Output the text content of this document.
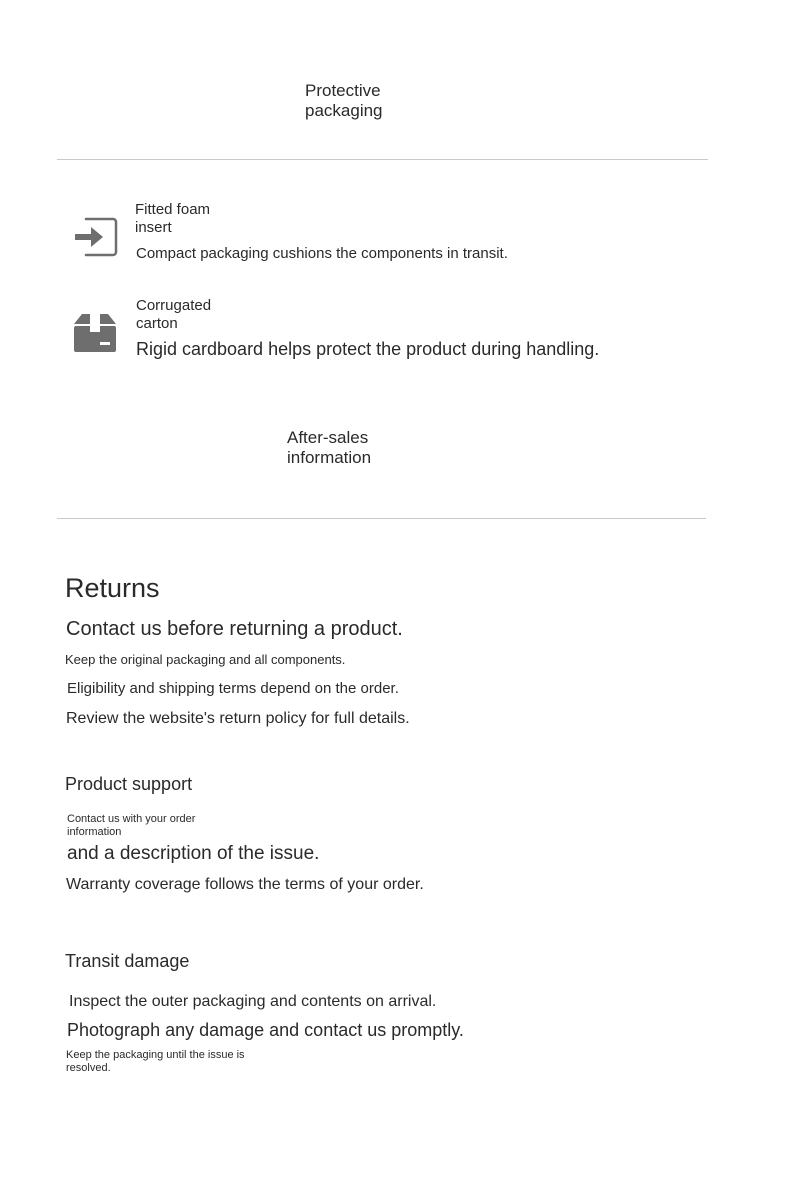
Protective packaging
Fitted foam insert
Compact packaging cushions the components in transit.
Corrugated carton
Rigid cardboard helps protect the product during handling.
After-sales information
Returns
Contact us before returning a product.
Keep the original packaging and all components.
Eligibility and shipping terms depend on the order.
Review the website's return policy for full details.
Product support
Contact us with your order information
and a description of the issue.
Warranty coverage follows the terms of your order.
Transit damage
Inspect the outer packaging and contents on arrival.
Photograph any damage and contact us promptly.
Keep the packaging until the issue is resolved.
